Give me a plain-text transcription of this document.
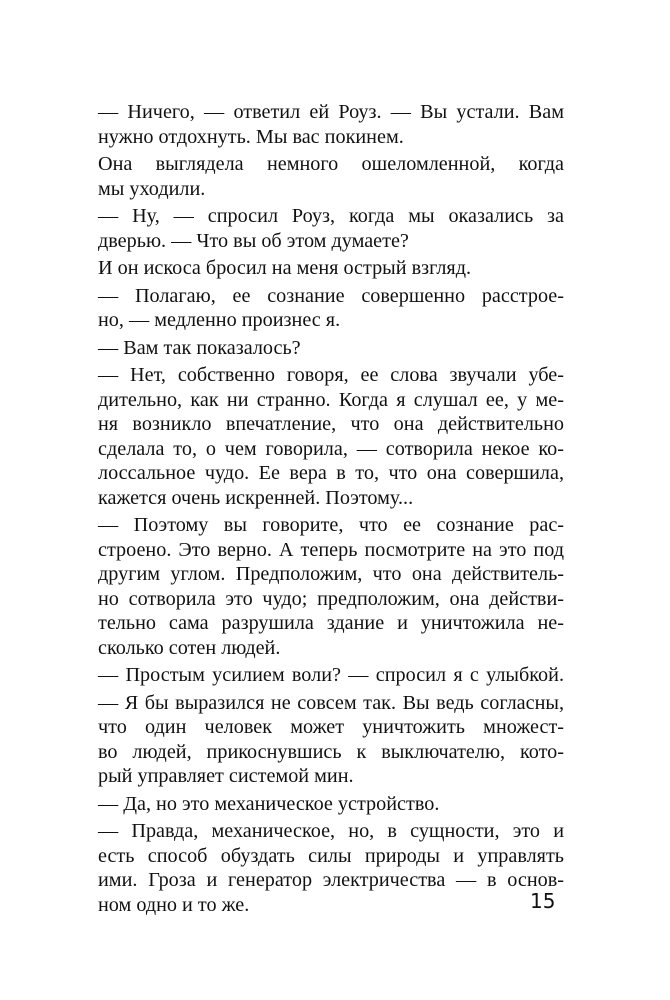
— Ничего, — ответил ей Роуз. — Вы устали. Вам
нужно отдохнуть. Мы вас покинем.
Она выглядела немного ошеломленной, когда
мы уходили.
— Ну, — спросил Роуз, когда мы оказались за
дверью. — Что вы об этом думаете?
И он искоса бросил на меня острый взгляд.
— Полагаю, ее сознание совершенно расстрое-
но, — медленно произнес я.
— Вам так показалось?
— Нет, собственно говоря, ее слова звучали убе-
дительно, как ни странно. Когда я слушал ее, у ме-
ня возникло впечатление, что она действительно
сделала то, о чем говорила, — сотворила некое ко-
лоссальное чудо. Ее вера в то, что она совершила,
кажется очень искренней. Поэтому...
— Поэтому вы говорите, что ее сознание рас-
строено. Это верно. А теперь посмотрите на это под
другим углом. Предположим, что она действитель-
но сотворила это чудо; предположим, она действи-
тельно сама разрушила здание и уничтожила не-
сколько сотен людей.
— Простым усилием воли? — спросил я с улыбкой.
— Я бы выразился не совсем так. Вы ведь согласны,
что один человек может уничтожить множест-
во людей, прикоснувшись к выключателю, кото-
рый управляет системой мин.
— Да, но это механическое устройство.
— Правда, механическое, но, в сущности, это и
есть способ обуздать силы природы и управлять
ими. Гроза и генератор электричества — в основ-
ном одно и то же.	15
